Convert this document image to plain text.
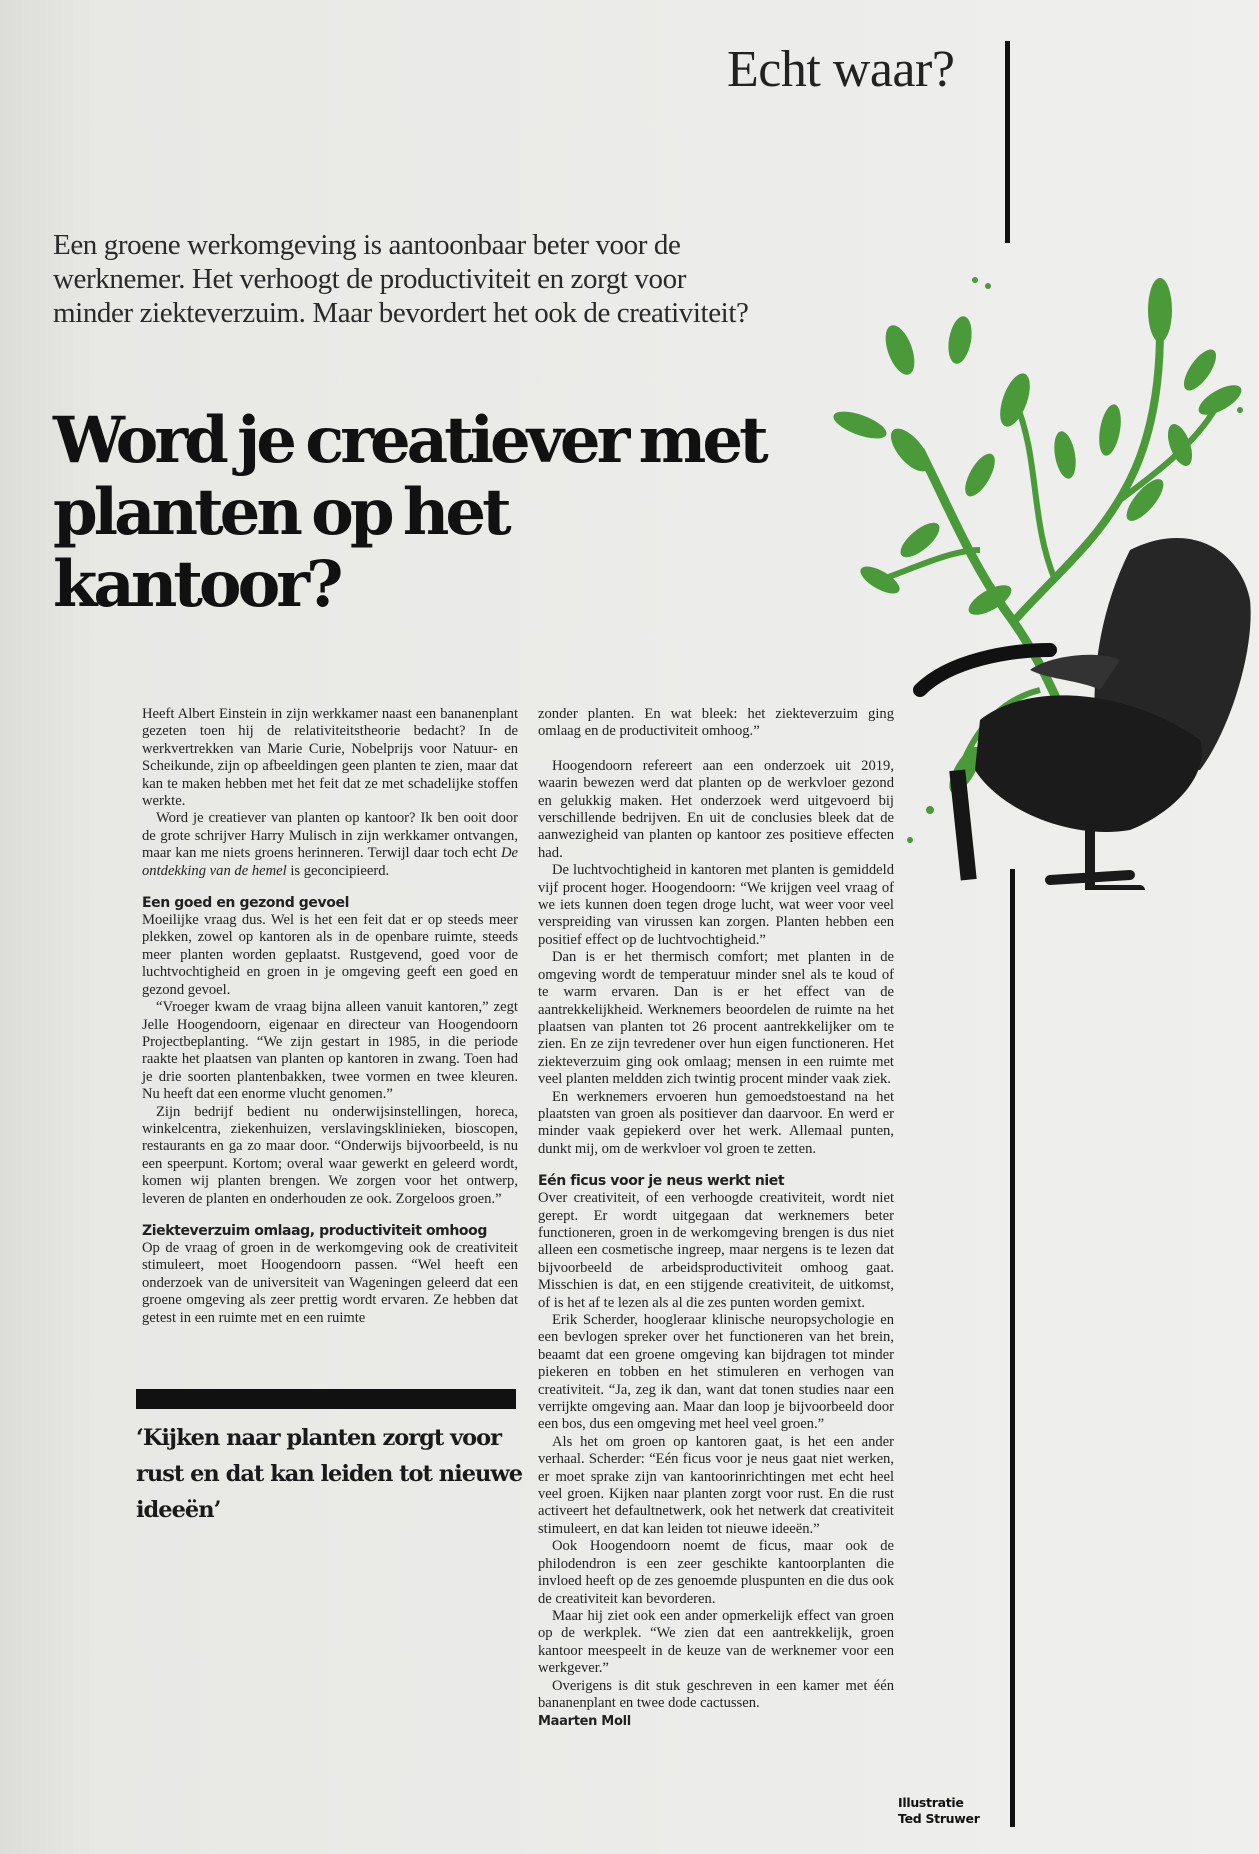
Echt waar?
Een groene werkomgeving is aantoonbaar beter voor de werknemer. Het verhoogt de productiviteit en zorgt voor minder ziekteverzuim. Maar bevordert het ook de creativiteit?
Word je creatiever met planten op het kantoor?

Heeft Albert Einstein in zijn werkkamer naast een bananenplant gezeten toen hij de relativiteitstheorie bedacht? In de werkvertrekken van Marie Curie, Nobelprijs voor Natuur- en Scheikunde, zijn op afbeeldingen geen planten te zien, maar dat kan te maken hebben met het feit dat ze met schadelijke stoffen werkte.

Word je creatiever van planten op kantoor? Ik ben ooit door de grote schrijver Harry Mulisch in zijn werkkamer ontvangen, maar kan me niets groens herinneren. Terwijl daar toch echt De ontdekking van de hemel is geconcipieerd.

Een goed en gezond gevoel

Moeilijke vraag dus. Wel is het een feit dat er op steeds meer plekken, zowel op kantoren als in de openbare ruimte, steeds meer planten worden geplaatst. Rustgevend, goed voor de luchtvochtigheid en groen in je omgeving geeft een goed en gezond gevoel.

“Vroeger kwam de vraag bijna alleen vanuit kantoren,” zegt Jelle Hoogendoorn, eigenaar en directeur van Hoogendoorn Projectbeplanting. “We zijn gestart in 1985, in die periode raakte het plaatsen van planten op kantoren in zwang. Toen had je drie soorten plantenbakken, twee vormen en twee kleuren. Nu heeft dat een enorme vlucht genomen.”

Zijn bedrijf bedient nu onderwijsinstellingen, horeca, winkelcentra, ziekenhuizen, verslavingsklinieken, bioscopen, restaurants en ga zo maar door. “Onderwijs bijvoorbeeld, is nu een speerpunt. Kortom; overal waar gewerkt en geleerd wordt, komen wij planten brengen. We zorgen voor het ontwerp, leveren de planten en onderhouden ze ook. Zorgeloos groen.”

Ziekteverzuim omlaag, productiviteit omhoog

Op de vraag of groen in de werkomgeving ook de creativiteit stimuleert, moet Hoogendoorn passen. “Wel heeft een onderzoek van de universiteit van Wageningen geleerd dat een groene omgeving als zeer prettig wordt ervaren. Ze hebben dat getest in een ruimte met en een ruimte

‘Kijken naar planten zorgt voor rust en dat kan leiden tot nieuwe ideeën’

zonder planten. En wat bleek: het ziekteverzuim ging omlaag en de productiviteit omhoog.”

Hoogendoorn refereert aan een onderzoek uit 2019, waarin bewezen werd dat planten op de werkvloer gezond en gelukkig maken. Het onderzoek werd uitgevoerd bij verschillende bedrijven. En uit de conclusies bleek dat de aanwezigheid van planten op kantoor zes positieve effecten had.

De luchtvochtigheid in kantoren met planten is gemiddeld vijf procent hoger. Hoogendoorn: “We krijgen veel vraag of we iets kunnen doen tegen droge lucht, wat weer voor veel verspreiding van virussen kan zorgen. Planten hebben een positief effect op de luchtvochtigheid.”

Dan is er het thermisch comfort; met planten in de omgeving wordt de temperatuur minder snel als te koud of te warm ervaren. Dan is er het effect van de aantrekkelijkheid. Werknemers beoordelen de ruimte na het plaatsen van planten tot 26 procent aantrekkelijker om te zien. En ze zijn tevredener over hun eigen functioneren. Het ziekteverzuim ging ook omlaag; mensen in een ruimte met veel planten meldden zich twintig procent minder vaak ziek.

En werknemers ervoeren hun gemoedstoestand na het plaatsten van groen als positiever dan daarvoor. En werd er minder vaak gepiekerd over het werk. Allemaal punten, dunkt mij, om de werkvloer vol groen te zetten.

Eén ficus voor je neus werkt niet

Over creativiteit, of een verhoogde creativiteit, wordt niet gerept. Er wordt uitgegaan dat werknemers beter functioneren, groen in de werkomgeving brengen is dus niet alleen een cosmetische ingreep, maar nergens is te lezen dat bijvoorbeeld de arbeidsproductiviteit omhoog gaat. Misschien is dat, en een stijgende creativiteit, de uitkomst, of is het af te lezen als al die zes punten worden gemixt.

Erik Scherder, hoogleraar klinische neuropsychologie en een bevlogen spreker over het functioneren van het brein, beaamt dat een groene omgeving kan bijdragen tot minder piekeren en tobben en het stimuleren en verhogen van creativiteit. “Ja, zeg ik dan, want dat tonen studies naar een verrijkte omgeving aan. Maar dan loop je bijvoorbeeld door een bos, dus een omgeving met heel veel groen.”

Als het om groen op kantoren gaat, is het een ander verhaal. Scherder: “Eén ficus voor je neus gaat niet werken, er moet sprake zijn van kantoorinrichtingen met echt heel veel groen. Kijken naar planten zorgt voor rust. En die rust activeert het defaultnetwerk, ook het netwerk dat creativiteit stimuleert, en dat kan leiden tot nieuwe ideeën.”

Ook Hoogendoorn noemt de ficus, maar ook de philodendron is een zeer geschikte kantoorplanten die invloed heeft op de zes genoemde pluspunten en die dus ook de creativiteit kan bevorderen.

Maar hij ziet ook een ander opmerkelijk effect van groen op de werkplek. “We zien dat een aantrekkelijk, groen kantoor meespeelt in de keuze van de werknemer voor een werkgever.”

Overigens is dit stuk geschreven in een kamer met één bananenplant en twee dode cactussen.

Maarten Moll
Illustratie
Ted Struwer
